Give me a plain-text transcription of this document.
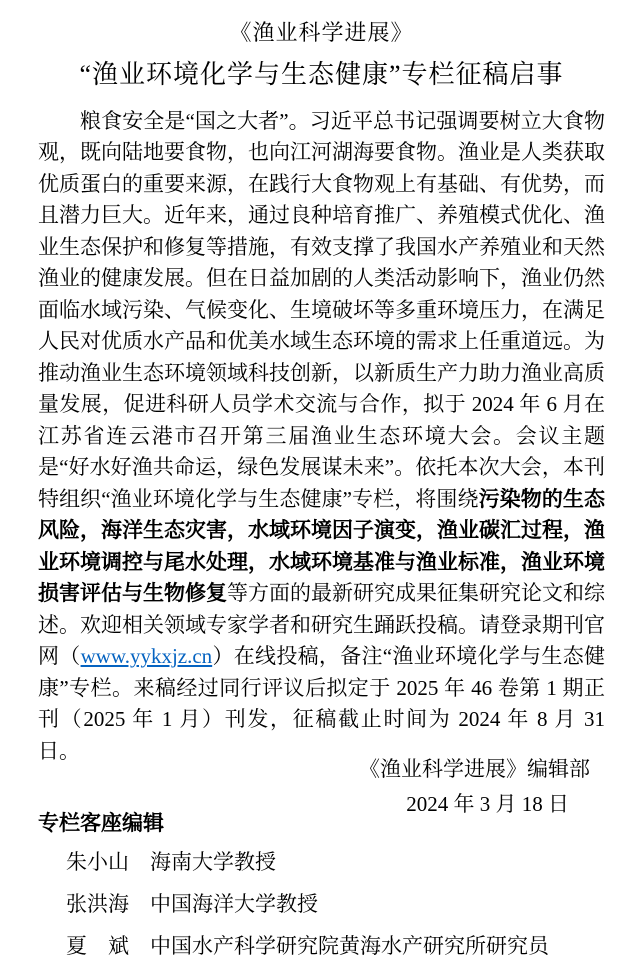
《渔业科学进展》
“渔业环境化学与生态健康”专栏征稿启事

粮食安全是“国之大者”。习近平总书记强调要树立大食物观，既向陆地要食物，也向江河湖海要食物。渔业是人类获取优质蛋白的重要来源，在践行大食物观上有基础、有优势，而且潜力巨大。近年来，通过良种培育推广、养殖模式优化、渔业生态保护和修复等措施，有效支撑了我国水产养殖业和天然渔业的健康发展。但在日益加剧的人类活动影响下，渔业仍然面临水域污染、气候变化、生境破坏等多重环境压力，在满足人民对优质水产品和优美水域生态环境的需求上任重道远。为推动渔业生态环境领域科技创新，以新质生产力助力渔业高质量发展，促进科研人员学术交流与合作，拟于 2024 年 6 月在江苏省连云港市召开第三届渔业生态环境大会。会议主题是“好水好渔共命运，绿色发展谋未来”。依托本次大会，本刊特组织“渔业环境化学与生态健康”专栏，将围绕污染物的生态风险，海洋生态灾害，水域环境因子演变，渔业碳汇过程，渔业环境调控与尾水处理，水域环境基准与渔业标准，渔业环境损害评估与生物修复等方面的最新研究成果征集研究论文和综述。欢迎相关领域专家学者和研究生踊跃投稿。请登录期刊官网（www.yykxjz.cn）在线投稿，备注“渔业环境化学与生态健康”专栏。来稿经过同行评议后拟定于 2025 年 46 卷第 1 期正刊（2025 年 1 月）刊发，征稿截止时间为 2024 年 8 月 31 日。

专栏客座编辑

朱小山 海南大学教授
张洪海 中国海洋大学教授
夏　斌 中国水产科学研究院黄海水产研究所研究员
《渔业科学进展》编辑部
2024 年 3 月 18 日
